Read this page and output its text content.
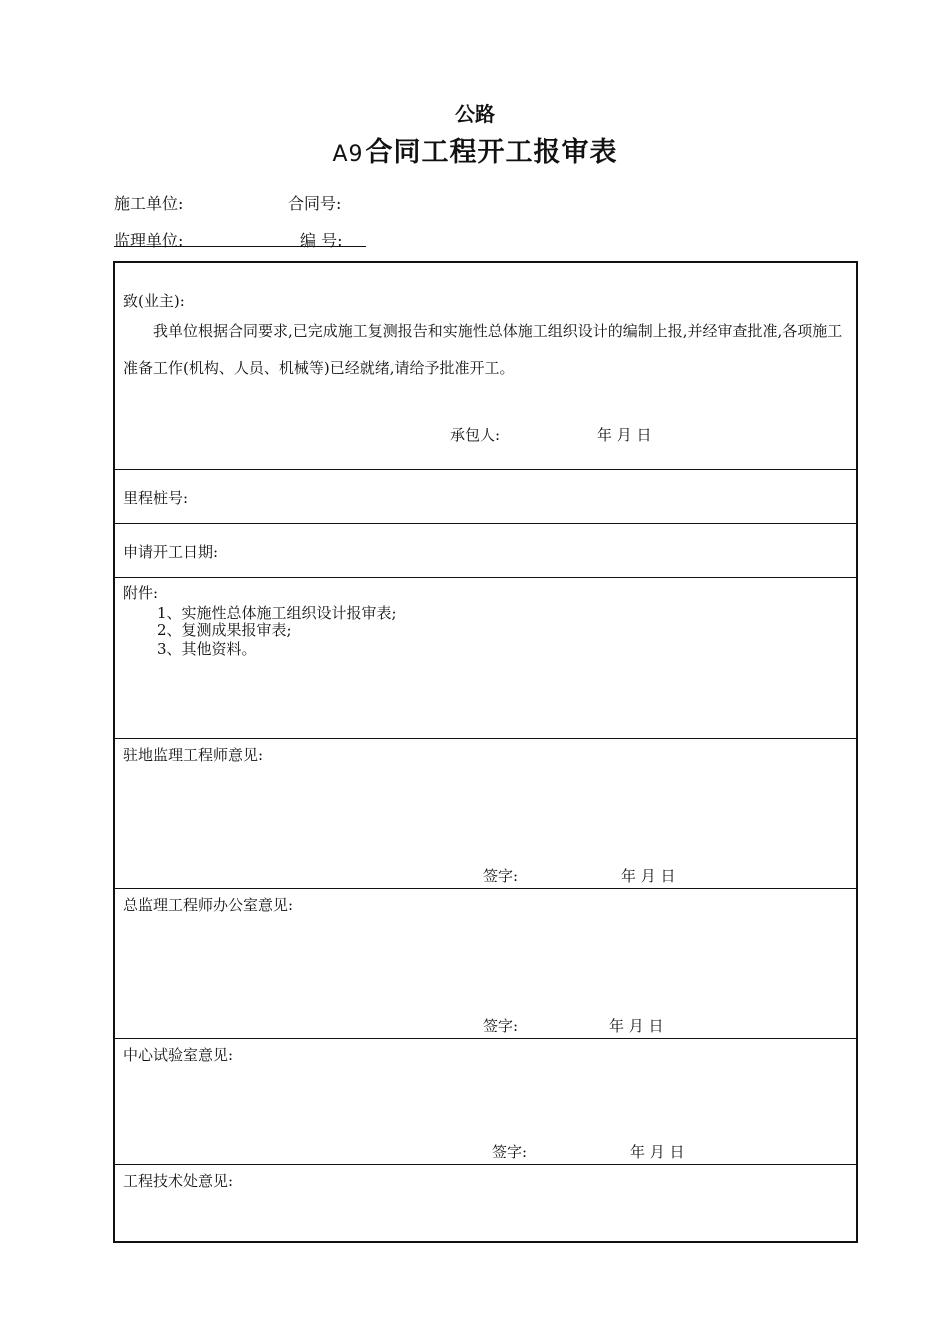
公路
A9合同工程开工报审表
施工单位:	合同号:
监理单位:	编 号:
致(业主):
我单位根据合同要求,已完成施工复测报告和实施性总体施工组织设计的编制上报,并经审查批准,各项施工准备工作(机构、人员、机械等)已经就绪,请给予批准开工。
承包人:	年 月 日
里程桩号:
申请开工日期:
附件:
1、实施性总体施工组织设计报审表;
2、复测成果报审表;
3、其他资料。
驻地监理工程师意见:
签字:	年 月 日
总监理工程师办公室意见:
签字:	年 月 日
中心试验室意见:
签字:	年 月 日
工程技术处意见:
